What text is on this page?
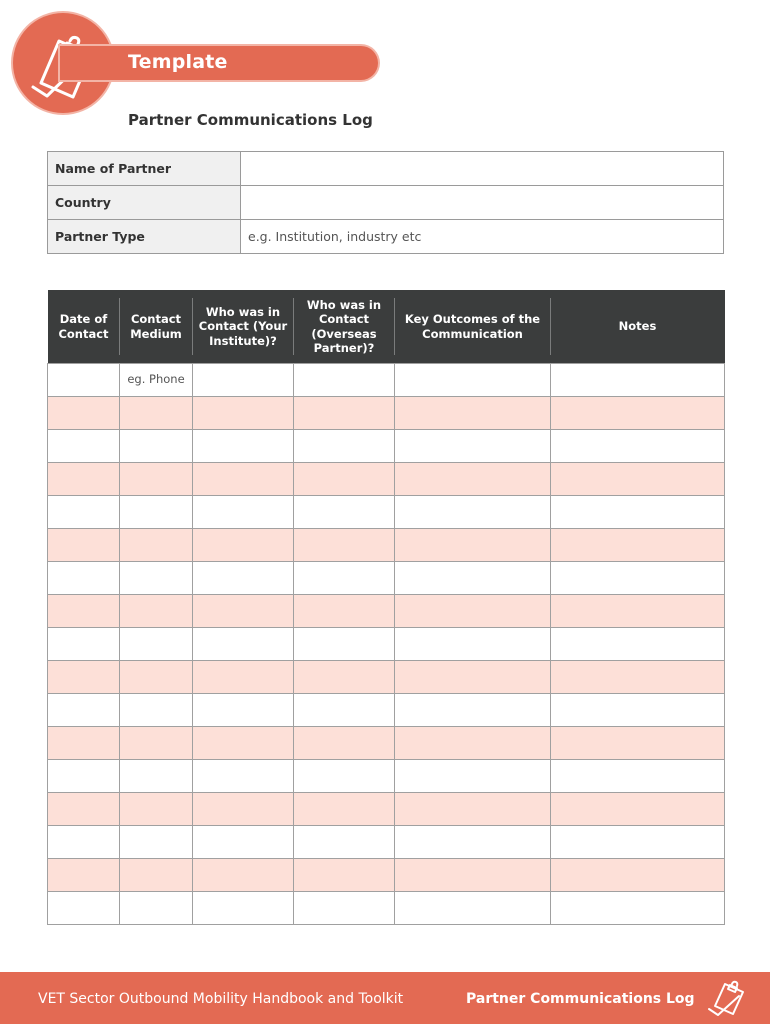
Template
Partner Communications Log
Name of Partner	
Country	
Partner Type	e.g. Institution, industry etc
Date of Contact	Contact Medium	Who was in Contact (Your Institute)?	Who was in Contact (Overseas Partner)?	Key Outcomes of the Communication	Notes
	eg. Phone				

VET Sector Outbound Mobility Handbook and Toolkit	Partner Communications Log
